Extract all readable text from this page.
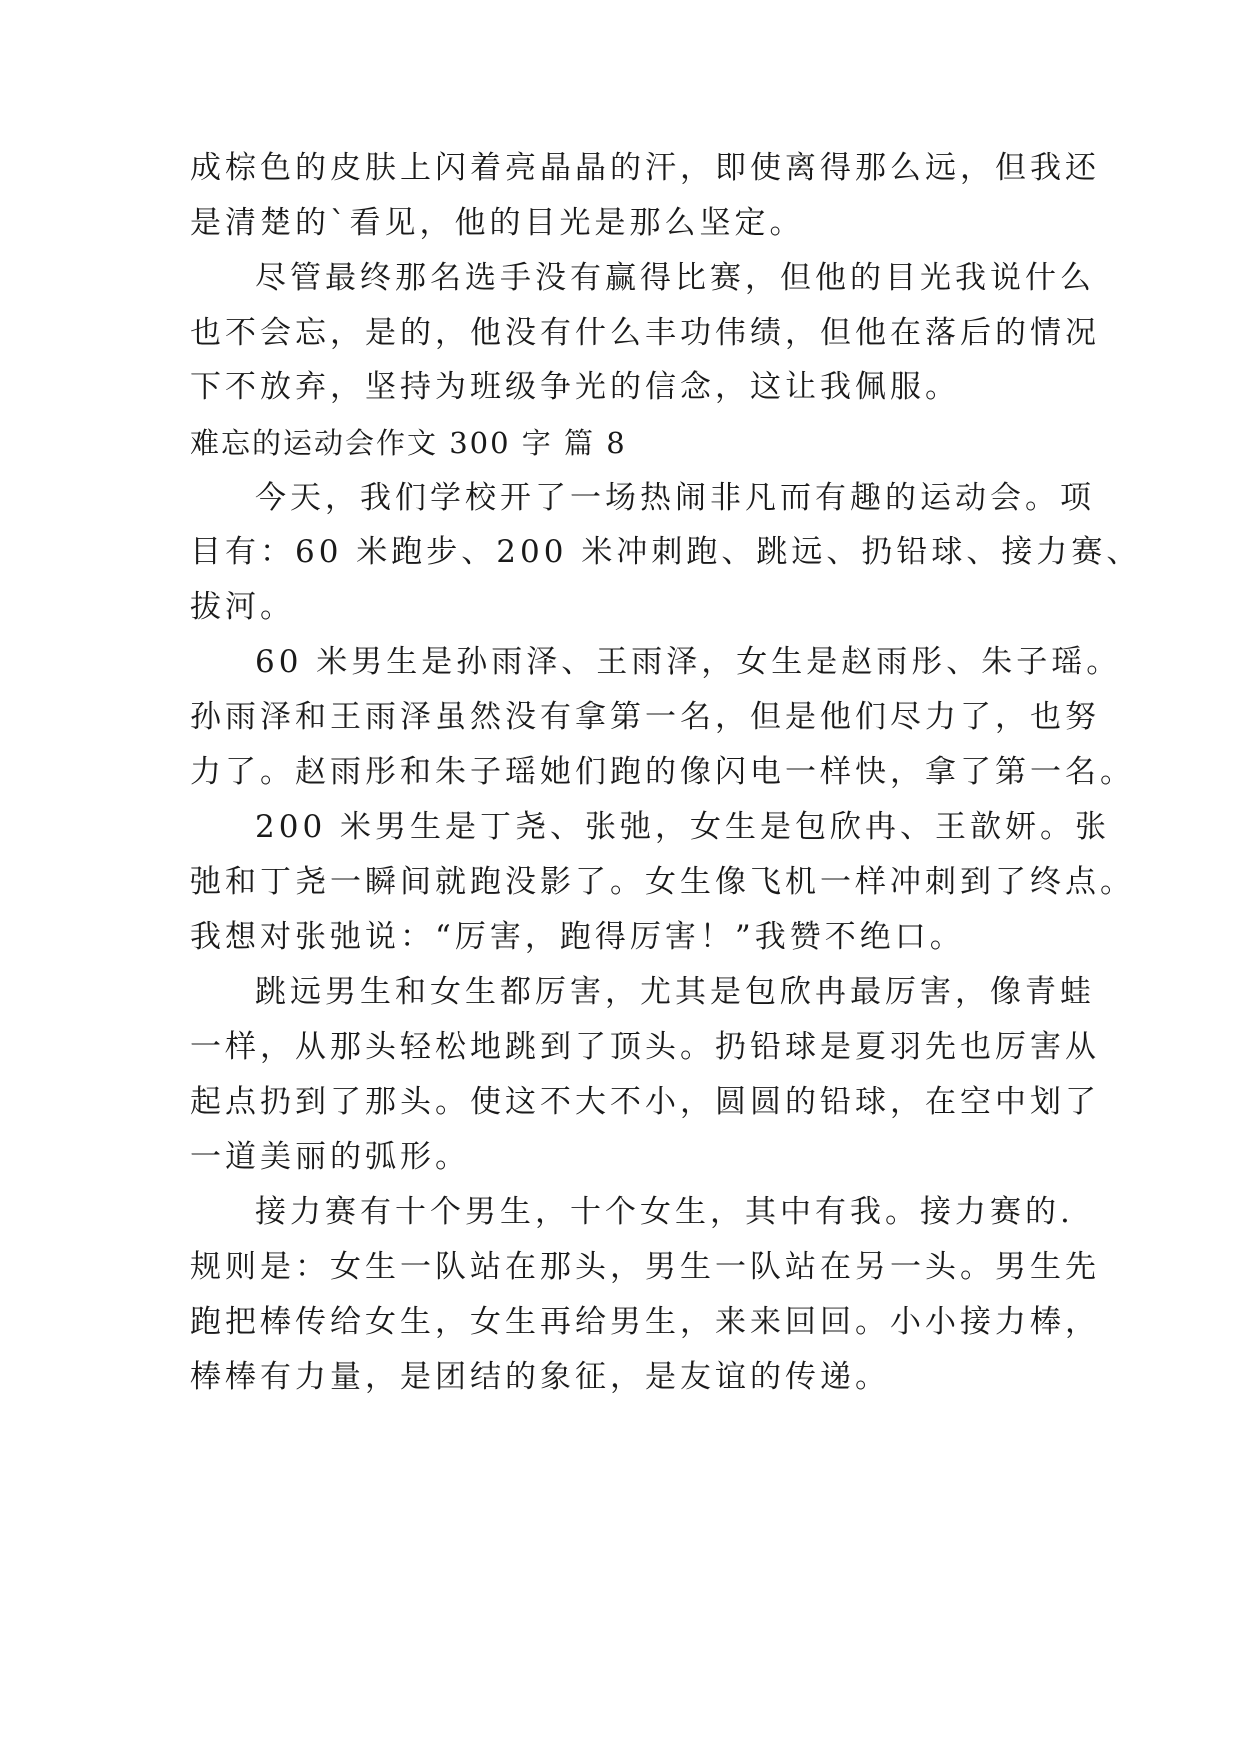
成棕色的皮肤上闪着亮晶晶的汗，即使离得那么远，但我还
是清楚的`看见，他的目光是那么坚定。
尽管最终那名选手没有赢得比赛，但他的目光我说什么
也不会忘，是的，他没有什么丰功伟绩，但他在落后的情况
下不放弃，坚持为班级争光的信念，这让我佩服。
难忘的运动会作文 300 字 篇 8
今天，我们学校开了一场热闹非凡而有趣的运动会。项
目有：60 米跑步、200 米冲刺跑、跳远、扔铅球、接力赛、
拔河。
60 米男生是孙雨泽、王雨泽，女生是赵雨彤、朱子瑶。
孙雨泽和王雨泽虽然没有拿第一名，但是他们尽力了，也努
力了。赵雨彤和朱子瑶她们跑的像闪电一样快，拿了第一名。
200 米男生是丁尧、张弛，女生是包欣冉、王歆妍。张
弛和丁尧一瞬间就跑没影了。女生像飞机一样冲刺到了终点。
我想对张弛说：“厉害，跑得厉害！”我赞不绝口。
跳远男生和女生都厉害，尤其是包欣冉最厉害，像青蛙
一样，从那头轻松地跳到了顶头。扔铅球是夏羽先也厉害从
起点扔到了那头。使这不大不小，圆圆的铅球，在空中划了
一道美丽的弧形。
接力赛有十个男生，十个女生，其中有我。接力赛的.
规则是：女生一队站在那头，男生一队站在另一头。男生先
跑把棒传给女生，女生再给男生，来来回回。小小接力棒，
棒棒有力量，是团结的象征，是友谊的传递。
